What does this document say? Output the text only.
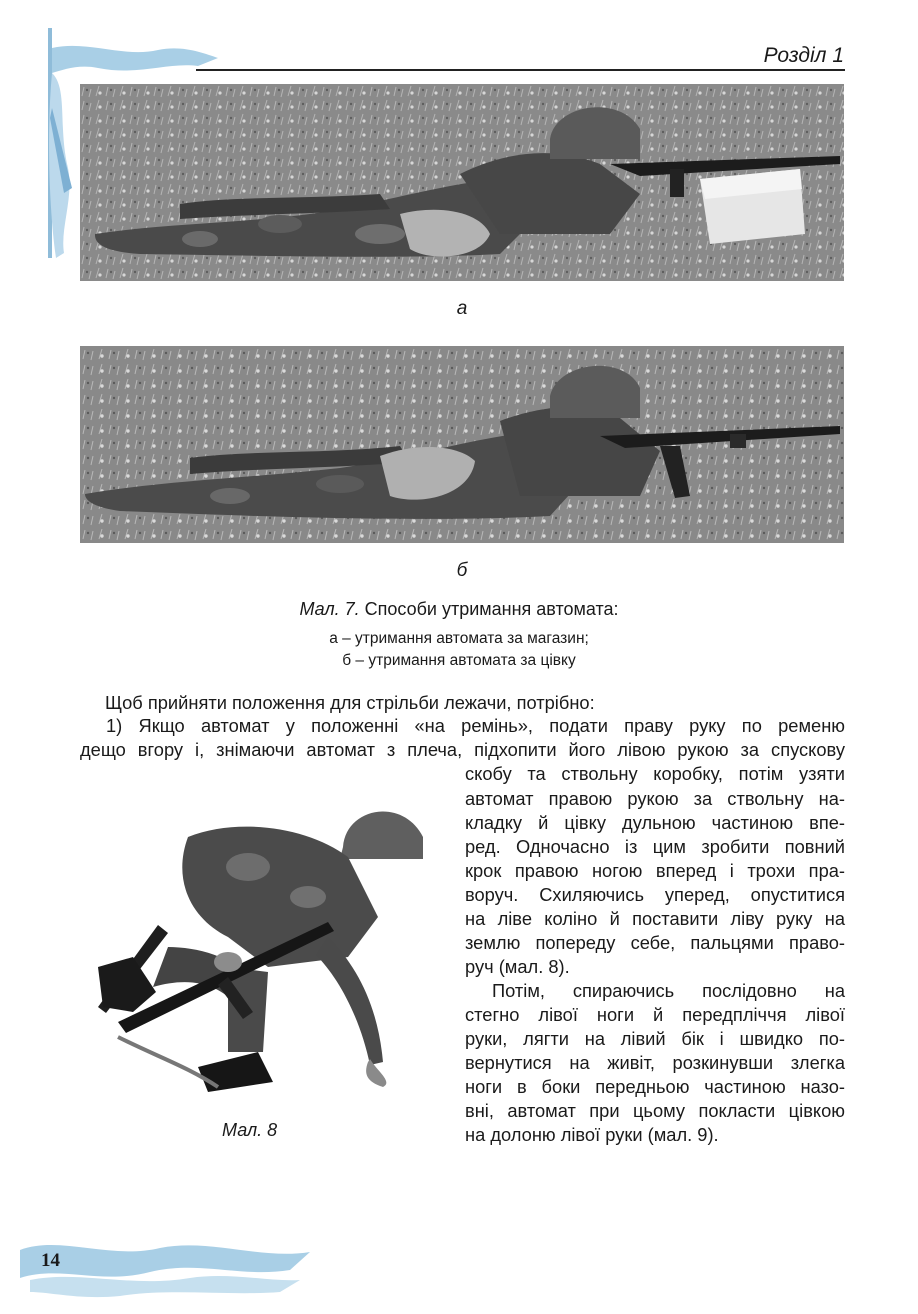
Розділ 1
а
б
Мал. 7. Способи утримання автомата:
а – утримання автомата за магазин;
б – утримання автомата за цівку
Щоб прийняти положення для стрільби лежачи, потрібно:
1) Якщо автомат у положенні «на ремінь», подати праву руку по ременю
дещо вгору і, знімаючи автомат з плеча, підхопити його лівою рукою за спускову
скобу та ствольну коробку, потім узяти
автомат правою рукою за ствольну на-
кладку й цівку дульною частиною впе-
ред. Одночасно із цим зробити повний
крок правою ногою вперед і трохи пра-
воруч. Схиляючись уперед, опуститися
на ліве коліно й поставити ліву руку на
землю попереду себе, пальцями право-
руч (мал. 8).
Потім, спираючись послідовно на
стегно лівої ноги й передпліччя лівої
руки, лягти на лівий бік і швидко по-
вернутися на живіт, розкинувши злегка
ноги в боки передньою частиною назо-
вні, автомат при цьому покласти цівкою
на долоню лівої руки (мал. 9).
Мал. 8
14
